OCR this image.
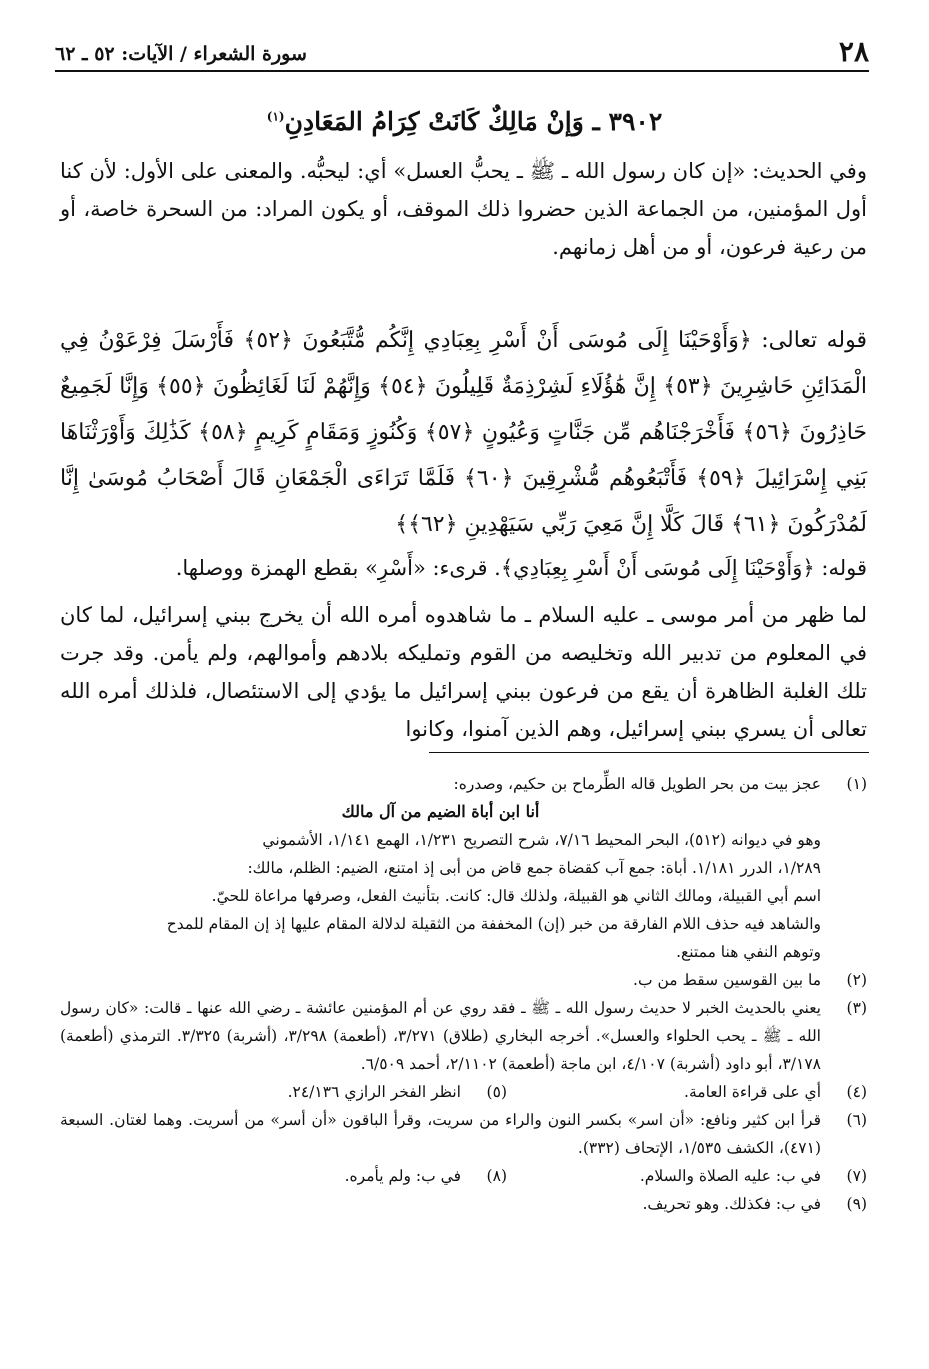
٢٨
سورة الشعراء / الآيات: ٥٢ ـ ٦٢
٣٩٠٢ ـ وَإنْ مَالِكٌ كَانَتْ كِرَامُ المَعَادِنِ$^{(١)}$

وفي الحديث: «إن كان رسول الله ـ ﷺ ـ يحبُّ العسل» أي: ليحبُّه. والمعنى على الأول: لأن كنا أول المؤمنين، من الجماعة الذين حضروا ذلك الموقف، أو يكون المراد: من السحرة خاصة، أو من رعية فرعون، أو من أهل زمانهم.

قوله تعالى: ﴿وَأَوْحَيْنَا إِلَى مُوسَى أَنْ أَسْرِ بِعِبَادِي إِنَّكُم مُّتَّبَعُونَ ﴿٥٢﴾ فَأَرْسَلَ فِرْعَوْنُ فِي الْمَدَائِنِ حَاشِرِينَ ﴿٥٣﴾ إِنَّ هَٰؤُلَاءِ لَشِرْذِمَةٌ قَلِيلُونَ ﴿٥٤﴾ وَإِنَّهُمْ لَنَا لَغَائِظُونَ ﴿٥٥﴾ وَإِنَّا لَجَمِيعٌ حَاذِرُونَ ﴿٥٦﴾ فَأَخْرَجْنَاهُم مِّن جَنَّاتٍ وَعُيُونٍ ﴿٥٧﴾ وَكُنُوزٍ وَمَقَامٍ كَرِيمٍ ﴿٥٨﴾ كَذَٰلِكَ وَأَوْرَثْنَاهَا بَنِي إِسْرَائِيلَ ﴿٥٩﴾ فَأَتْبَعُوهُم مُّشْرِقِينَ ﴿٦٠﴾ فَلَمَّا تَرَاءَى الْجَمْعَانِ قَالَ أَصْحَابُ مُوسَىٰ إِنَّا لَمُدْرَكُونَ ﴿٦١﴾ قَالَ كَلَّا إِنَّ مَعِيَ رَبِّي سَيَهْدِينِ ﴿٦٢﴾﴾

قوله: ﴿وَأَوْحَيْنَا إِلَى مُوسَى أَنْ أَسْرِ بِعِبَادِي﴾. قرىء: «أَسْرِ» بقطع الهمزة ووصلها.

لما ظهر من أمر موسى ـ عليه السلام ـ ما شاهدوه أمره الله أن يخرج ببني إسرائيل، لما كان في المعلوم من تدبير الله وتخليصه من القوم وتمليكه بلادهم وأموالهم، ولم يأمن. وقد جرت تلك الغلبة الظاهرة أن يقع من فرعون ببني إسرائيل ما يؤدي إلى الاستئصال، فلذلك أمره الله تعالى أن يسري ببني إسرائيل، وهم الذين آمنوا، وكانوا

(١)
عجز بيت من بحر الطويل قاله الطِّرماح بن حكيم، وصدره:

أنا ابن أباة الضيم من آل مالك

وهو في ديوانه (٥١٢)، البحر المحيط ٧/١٦، شرح التصريح ١/٢٣١، الهمع ١/١٤١، الأشموني

١/٢٨٩، الدرر ١/١٨١. أباة: جمع آب كقضاة جمع قاض من أبى إذ امتنع، الضيم: الظلم، مالك:

اسم أبي القبيلة، ومالك الثاني هو القبيلة، ولذلك قال: كانت. بتأنيث الفعل، وصرفها مراعاة للحيّ.

والشاهد فيه حذف اللام الفارقة من خبر (إن) المخففة من الثقيلة لدلالة المقام عليها إذ إن المقام للمدح

وتوهم النفي هنا ممتنع.

(٢)
ما بين القوسين سقط من ب.
(٣)
يعني بالحديث الخبر لا حديث رسول الله ـ ﷺ ـ فقد روي عن أم المؤمنين عائشة ـ رضي الله عنها ـ قالت: «كان رسول الله ـ ﷺ ـ يحب الحلواء والعسل». أخرجه البخاري (طلاق) ٣/٢٧١، (أطعمة) ٣/٢٩٨، (أشربة) ٣/٣٢٥. الترمذي (أطعمة) ٣/١٧٨، أبو داود (أشربة) ٤/١٠٧، ابن ماجة (أطعمة) ٢/١١٠٢، أحمد ٦/٥٠٩.
(٤)
أي على قراءة العامة.
(٥)
انظر الفخر الرازي ٢٤/١٣٦.
(٦)
قرأ ابن كثير ونافع: «أن اسر» بكسر النون والراء من سريت، وقرأ الباقون «أن أسر» من أسريت. وهما لغتان. السبعة (٤٧١)، الكشف ١/٥٣٥، الإتحاف (٣٣٢).
(٧)
في ب: عليه الصلاة والسلام.
(٨)
في ب: ولم يأمره.
(٩)
في ب: فكذلك. وهو تحريف.
